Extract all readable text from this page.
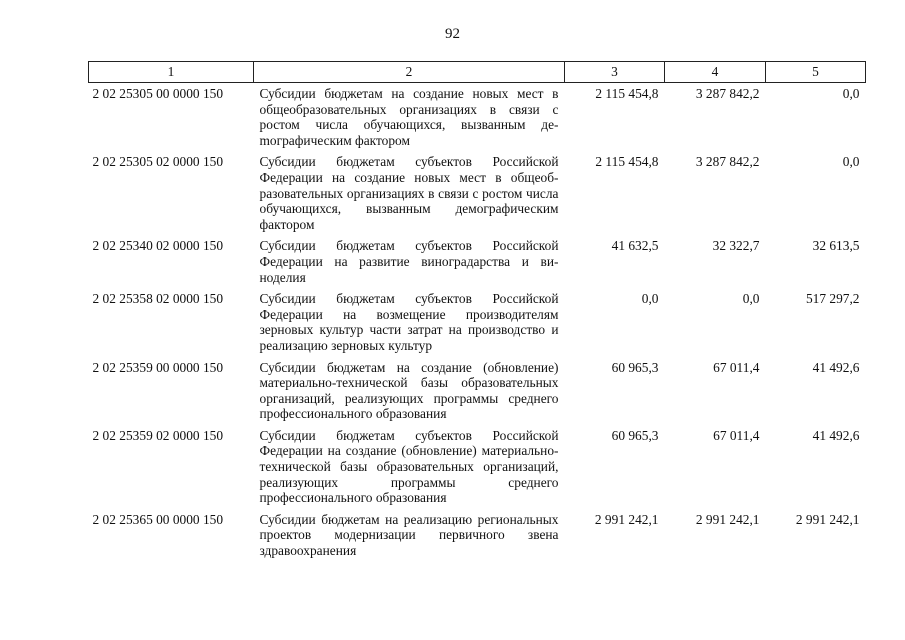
92
1	2	3	4	5
2 02 25305 00 0000 150	Субсидии бюджетам на создание новых мест в общеобразовательных организациях в связи с ростом числа обучающихся, вызванным деmографическим фактором	2 115 454,8	3 287 842,2	0,0
2 02 25305 02 0000 150	Субсидии бюджетам субъектов Российской Федерации на создание новых мест в общеобразовательных организациях в связи с ростом числа обучающихся, вызванным демографическим фактором	2 115 454,8	3 287 842,2	0,0
2 02 25340 02 0000 150	Субсидии бюджетам субъектов Российской Федерации на развитие виноградарства и виноделия	41 632,5	32 322,7	32 613,5
2 02 25358 02 0000 150	Субсидии бюджетам субъектов Российской Федерации на возмещение производителям зерновых культур части затрат на производство и реализацию зерновых культур	0,0	0,0	517 297,2
2 02 25359 00 0000 150	Субсидии бюджетам на создание (обновление) материально-технической базы образовательных организаций, реализующих программы среднего профессионального образования	60 965,3	67 011,4	41 492,6
2 02 25359 02 0000 150	Субсидии бюджетам субъектов Российской Федерации на создание (обновление) материально-технической базы образовательных организаций, реализующих программы среднего профессионального образования	60 965,3	67 011,4	41 492,6
2 02 25365 00 0000 150	Субсидии бюджетам на реализацию региональных проектов модернизации первичного звена здравоохранения	2 991 242,1	2 991 242,1	2 991 242,1
